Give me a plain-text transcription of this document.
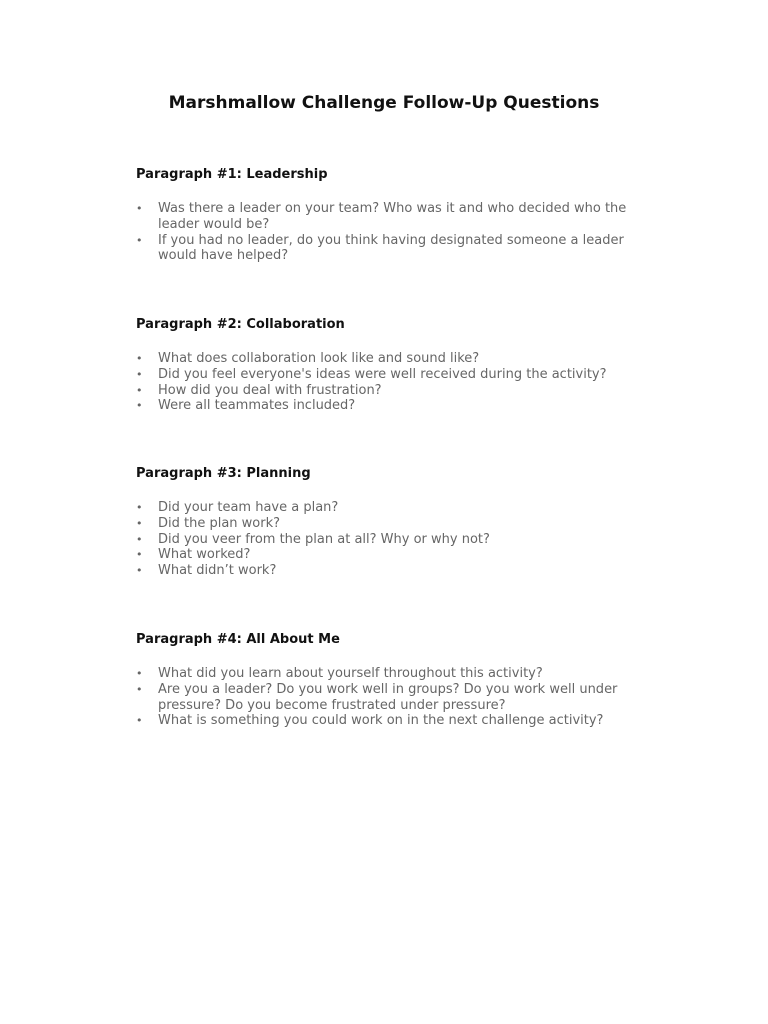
Marshmallow Challenge Follow-Up Questions

Paragraph #1: Leadership

• Was there a leader on your team? Who was it and who decided who the leader would be?
• If you had no leader, do you think having designated someone a leader would have helped?

Paragraph #2: Collaboration

• What does collaboration look like and sound like?
• Did you feel everyone's ideas were well received during the activity?
• How did you deal with frustration?
• Were all teammates included?

Paragraph #3: Planning

• Did your team have a plan?
• Did the plan work?
• Did you veer from the plan at all? Why or why not?
• What worked?
• What didn’t work?

Paragraph #4: All About Me

• What did you learn about yourself throughout this activity?
• Are you a leader? Do you work well in groups? Do you work well under pressure? Do you become frustrated under pressure?
• What is something you could work on in the next challenge activity?
